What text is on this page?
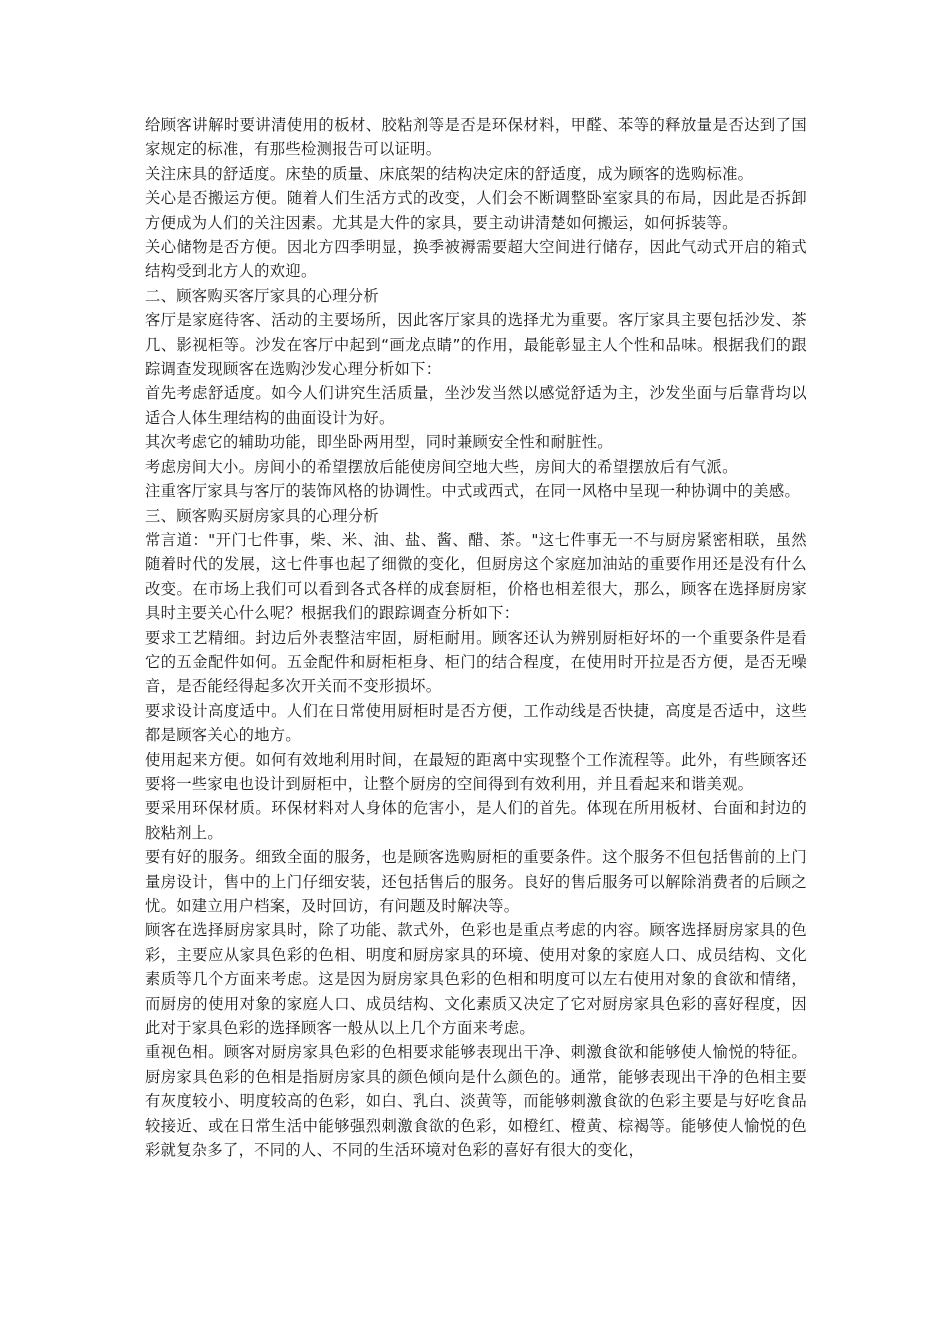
给顾客讲解时要讲清使用的板材、胶粘剂等是否是环保材料，甲醛、苯等的释放量是否达到了国家规定的标准，有那些检测报告可以证明。

关注床具的舒适度。床垫的质量、床底架的结构决定床的舒适度，成为顾客的选购标准。

关心是否搬运方便。随着人们生活方式的改变，人们会不断调整卧室家具的布局，因此是否拆卸方便成为人们的关注因素。尤其是大件的家具，要主动讲清楚如何搬运，如何拆装等。

关心储物是否方便。因北方四季明显，换季被褥需要超大空间进行储存，因此气动式开启的箱式结构受到北方人的欢迎。

二、顾客购买客厅家具的心理分析

客厅是家庭待客、活动的主要场所，因此客厅家具的选择尤为重要。客厅家具主要包括沙发、茶几、影视柜等。沙发在客厅中起到“画龙点睛”的作用，最能彰显主人个性和品味。根据我们的跟踪调查发现顾客在选购沙发心理分析如下：

首先考虑舒适度。如今人们讲究生活质量，坐沙发当然以感觉舒适为主，沙发坐面与后靠背均以适合人体生理结构的曲面设计为好。

其次考虑它的辅助功能，即坐卧两用型，同时兼顾安全性和耐脏性。

考虑房间大小。房间小的希望摆放后能使房间空地大些，房间大的希望摆放后有气派。

注重客厅家具与客厅的装饰风格的协调性。中式或西式，在同一风格中呈现一种协调中的美感。

三、顾客购买厨房家具的心理分析

常言道："开门七件事，柴、米、油、盐、酱、醋、茶。"这七件事无一不与厨房紧密相联，虽然随着时代的发展，这七件事也起了细微的变化，但厨房这个家庭加油站的重要作用还是没有什么改变。在市场上我们可以看到各式各样的成套厨柜，价格也相差很大，那么，顾客在选择厨房家具时主要关心什么呢？根据我们的跟踪调查分析如下：

要求工艺精细。封边后外表整洁牢固，厨柜耐用。顾客还认为辨别厨柜好坏的一个重要条件是看它的五金配件如何。五金配件和厨柜柜身、柜门的结合程度，在使用时开拉是否方便，是否无噪音，是否能经得起多次开关而不变形损坏。

要求设计高度适中。人们在日常使用厨柜时是否方便，工作动线是否快捷，高度是否适中，这些都是顾客关心的地方。

使用起来方便。如何有效地利用时间，在最短的距离中实现整个工作流程等。此外，有些顾客还要将一些家电也设计到厨柜中，让整个厨房的空间得到有效利用，并且看起来和谐美观。

要采用环保材质。环保材料对人身体的危害小，是人们的首先。体现在所用板材、台面和封边的胶粘剂上。

要有好的服务。细致全面的服务，也是顾客选购厨柜的重要条件。这个服务不但包括售前的上门量房设计，售中的上门仔细安装，还包括售后的服务。良好的售后服务可以解除消费者的后顾之忧。如建立用户档案，及时回访，有问题及时解决等。

顾客在选择厨房家具时，除了功能、款式外，色彩也是重点考虑的内容。顾客选择厨房家具的色彩，主要应从家具色彩的色相、明度和厨房家具的环境、使用对象的家庭人口、成员结构、文化素质等几个方面来考虑。这是因为厨房家具色彩的色相和明度可以左右使用对象的食欲和情绪，而厨房的使用对象的家庭人口、成员结构、文化素质又决定了它对厨房家具色彩的喜好程度，因此对于家具色彩的选择顾客一般从以上几个方面来考虑。

重视色相。顾客对厨房家具色彩的色相要求能够表现出干净、刺激食欲和能够使人愉悦的特征。厨房家具色彩的色相是指厨房家具的颜色倾向是什么颜色的。通常，能够表现出干净的色相主要有灰度较小、明度较高的色彩，如白、乳白、淡黄等，而能够刺激食欲的色彩主要是与好吃食品较接近、或在日常生活中能够强烈刺激食欲的色彩，如橙红、橙黄、棕褐等。能够使人愉悦的色彩就复杂多了，不同的人、不同的生活环境对色彩的喜好有很大的变化，
